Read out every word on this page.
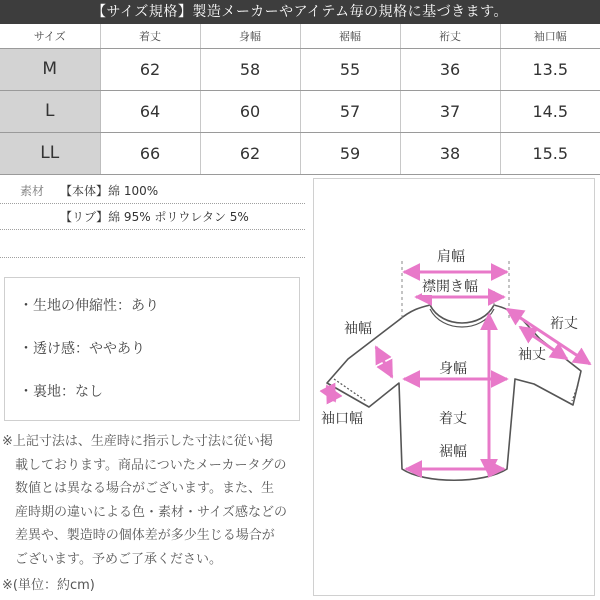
【サイズ規格】製造メーカーやアイテム毎の規格に基づきます。
サイズ	着丈	身幅	裾幅	裄丈	袖口幅
M	62	58	55	36	13.5
L	64	60	57	37	14.5
LL	66	62	59	38	15.5
素材 【本体】綿 100%
【リブ】綿 95% ポリウレタン 5%
・生地の伸縮性：あり
・透け感：ややあり
・裏地：なし
※上記寸法は、生産時に指示した寸法に従い掲
　載しております。商品についたメーカータグの
　数値とは異なる場合がございます。また、生
　産時期の違いによる色・素材・サイズ感などの
　差異や、製造時の個体差が多少生じる場合が
　ございます。予めご了承ください。
※(単位：約cm)
肩幅
襟開き幅
裄丈
袖幅
袖丈
身幅
袖口幅	着丈
裾幅
